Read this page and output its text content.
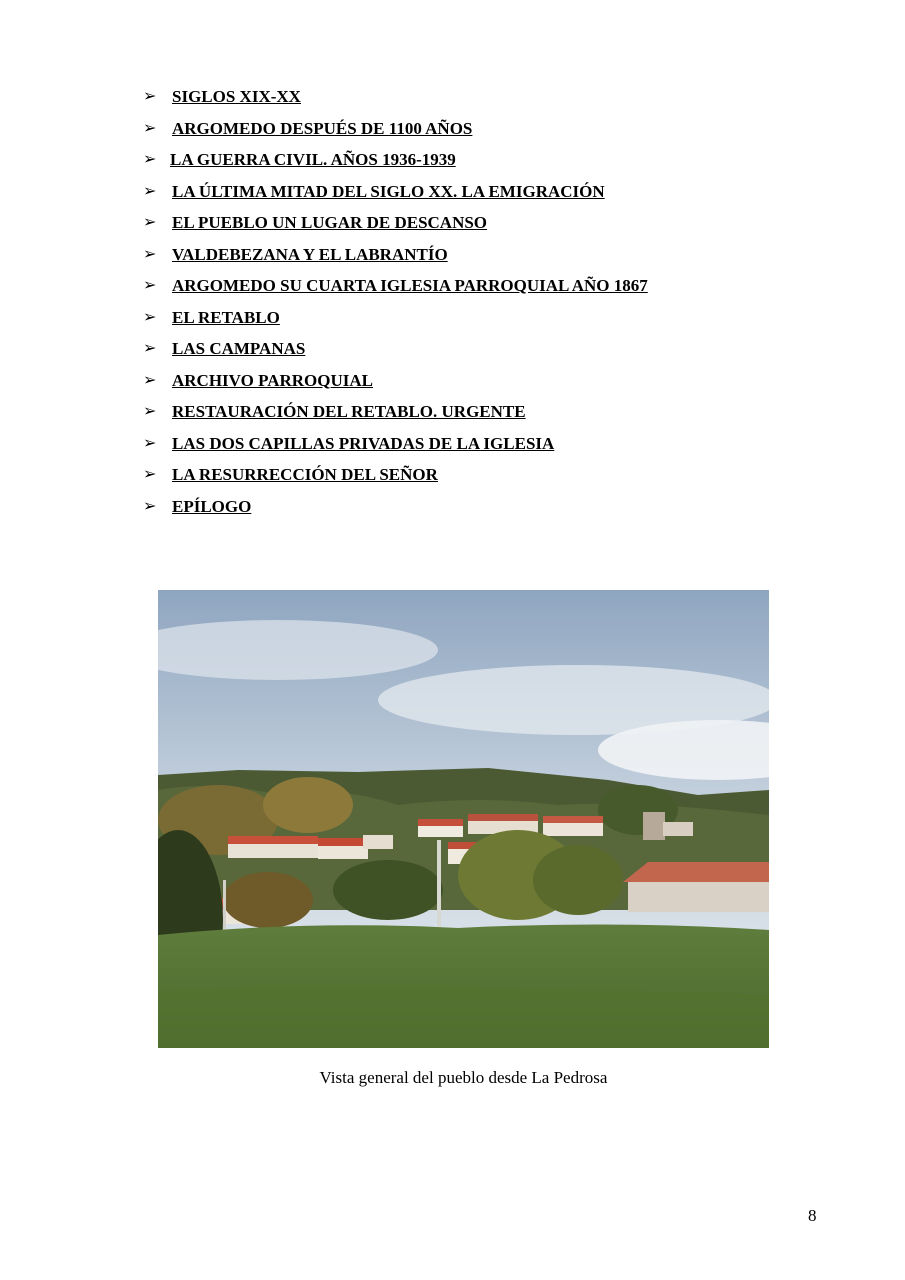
➢ SIGLOS XIX-XX
➢ ARGOMEDO DESPUÉS DE 1100 AÑOS
➢ LA GUERRA CIVIL. AÑOS 1936-1939
➢ LA ÚLTIMA MITAD DEL SIGLO XX. LA EMIGRACIÓN
➢ EL PUEBLO UN LUGAR DE DESCANSO
➢ VALDEBEZANA Y EL LABRANTÍO
➢ ARGOMEDO SU CUARTA IGLESIA PARROQUIAL AÑO 1867
➢ EL RETABLO
➢ LAS CAMPANAS
➢ ARCHIVO PARROQUIAL
➢ RESTAURACIÓN DEL RETABLO. URGENTE
➢ LAS DOS CAPILLAS PRIVADAS DE LA IGLESIA
➢ LA RESURRECCIÓN DEL SEÑOR
➢ EPÍLOGO
Vista general del pueblo desde La Pedrosa
8
